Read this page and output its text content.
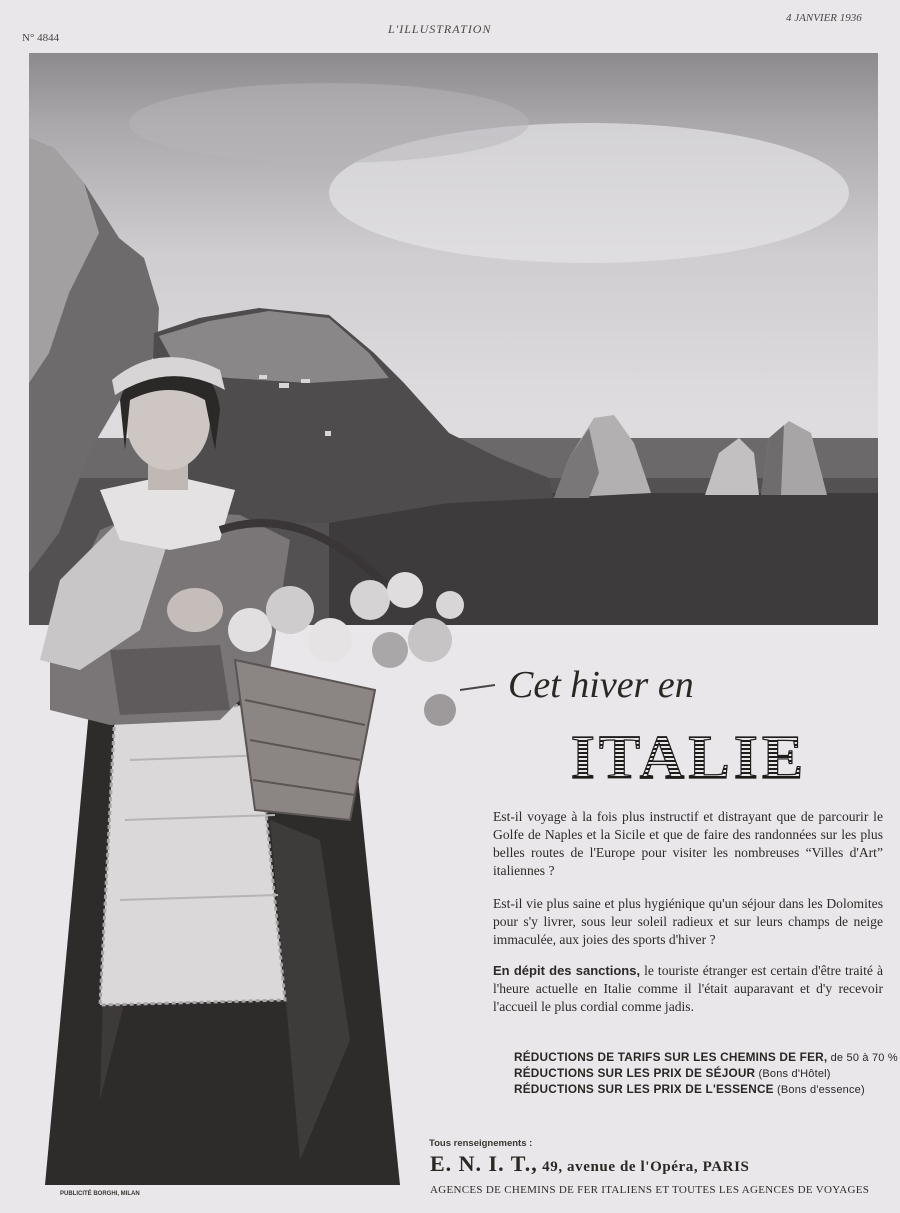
N° 4844
L'ILLUSTRATION
4 JANVIER 1936
Cet hiver en
ITALIE
Est-il voyage à la fois plus instructif et distrayant que de parcourir le Golfe de Naples et la Sicile et que de faire des randonnées sur les plus belles routes de l'Europe pour visiter les nombreuses “Villes d'Art” italiennes ?
Est-il vie plus saine et plus hygiénique qu'un séjour dans les Dolomites pour s'y livrer, sous leur soleil radieux et sur leurs champs de neige immaculée, aux joies des sports d'hiver ?
En dépit des sanctions, le touriste étranger est certain d'être traité à l'heure actuelle en Italie comme il l'était auparavant et d'y recevoir l'accueil le plus cordial comme jadis.
RÉDUCTIONS DE TARIFS SUR LES CHEMINS DE FER, de 50 à 70 %
RÉDUCTIONS SUR LES PRIX DE SÉJOUR (Bons d'Hôtel)
RÉDUCTIONS SUR LES PRIX DE L'ESSENCE (Bons d'essence)
Tous renseignements :
E. N. I. T., 49, avenue de l'Opéra, PARIS
AGENCES DE CHEMINS DE FER ITALIENS ET TOUTES LES AGENCES DE VOYAGES
PUBLICITÉ BORGHI, MILAN
